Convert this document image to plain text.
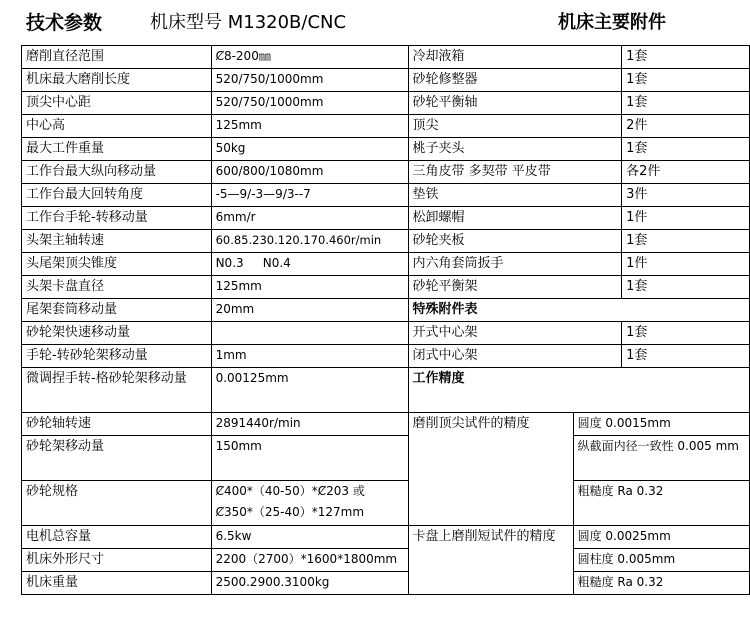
技术参数	机床型号 M1320B/CNC	机床主要附件
磨削直径范围	Ȼ8-200㎜	冷却液箱		1套
机床最大磨削长度	520/750/1000mm	砂轮修整器		1套
顶尖中心距	520/750/1000mm	砂轮平衡轴		1套
中心高	125mm	顶尖		2件
最大工件重量	50kg	桃子夹头		1套
工作台最大纵向移动量	600/800/1080mm	三角皮带 多契带 平皮带		各2件
工作台最大回转角度	-5—9/-3—9/3--7	垫铁		3件
工作台手轮-转移动量	6mm/r	松卸螺帽		1件
头架主轴转速	60.85.230.120.170.460r/min	砂轮夹板		1套
头尾架顶尖锥度	N0.3     N0.4	内六角套筒扳手		1件
头架卡盘直径	125mm	砂轮平衡架		1套
尾架套筒移动量	20mm	特殊附件表		
砂轮架快速移动量		开式中心架		1套
手轮-转砂轮架移动量	1mm	闭式中心架		1套
微调捏手转-格砂轮架移动量	0.00125mm	工作精度		
砂轮轴转速	2891440r/min	磨削顶尖试件的精度	圆度 0.0015mm	
砂轮架移动量	150mm		纵截面内径一致性 0.005 mm	
砂轮规格	Ȼ400*（40-50）*Ȼ203 或 Ȼ350*（25-40）*127mm		粗糙度 Ra 0.32	
电机总容量	6.5kw	卡盘上磨削短试件的精度	圆度 0.0025mm	
机床外形尺寸	2200（2700）*1600*1800mm		圆柱度 0.005mm	
机床重量	2500.2900.3100kg		粗糙度 Ra 0.32	
